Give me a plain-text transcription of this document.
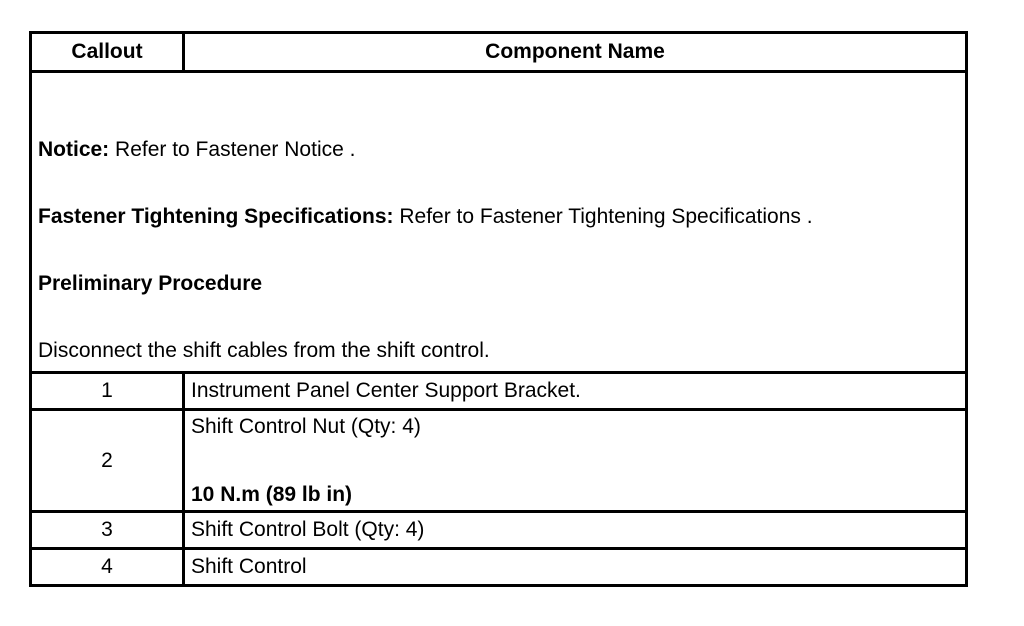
Callout	Component Name

Notice: Refer to Fastener Notice .

Fastener Tightening Specifications: Refer to Fastener Tightening Specifications .

Preliminary Procedure

Disconnect the shift cables from the shift control.	

1	Instrument Panel Center Support Bracket.
2	Shift Control Nut (Qty: 4)
10 N.m (89 lb in)

3	Shift Control Bolt (Qty: 4)
4	Shift Control
